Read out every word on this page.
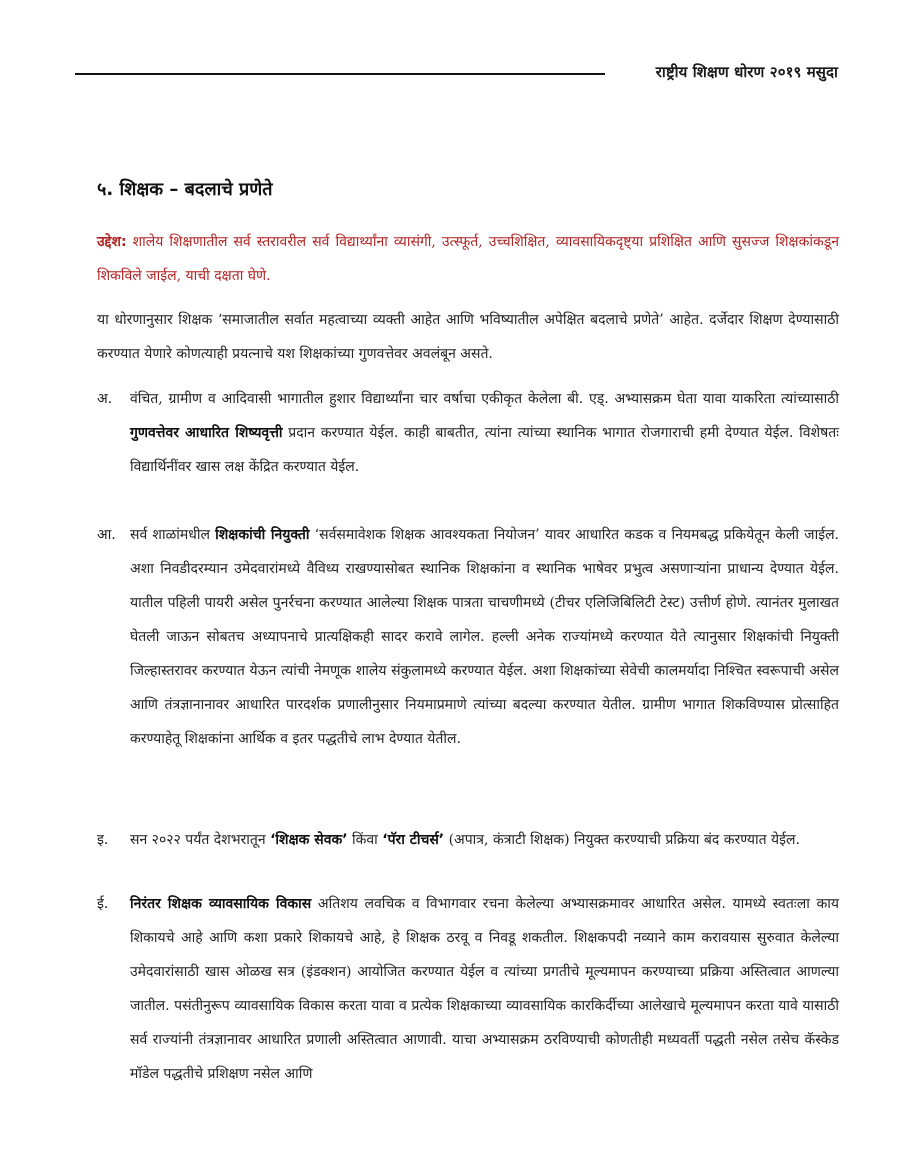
राष्ट्रीय शिक्षण धोरण २०१९ मसुदा
५. शिक्षक – बदलाचे प्रणेते
उद्देश: शालेय शिक्षणातील सर्व स्तरावरील सर्व विद्यार्थ्यांना व्यासंगी, उत्स्फूर्त, उच्चशिक्षित, व्यावसायिकदृष्ट्या प्रशिक्षित आणि सुसज्ज शिक्षकांकडून शिकविले जाईल, याची दक्षता घेणे.
या धोरणानुसार शिक्षक ‘समाजातील सर्वात महत्वाच्या व्यक्ती आहेत आणि भविष्यातील अपेक्षित बदलाचे प्रणेते’ आहेत. दर्जेदार शिक्षण देण्यासाठी करण्यात येणारे कोणत्याही प्रयत्नाचे यश शिक्षकांच्या गुणवत्तेवर अवलंबून असते.
अ.	वंचित, ग्रामीण व आदिवासी भागातील हुशार विद्यार्थ्यांना चार वर्षाचा एकीकृत केलेला बी. एड्. अभ्यासक्रम घेता यावा याकरिता त्यांच्यासाठी गुणवत्तेवर आधारित शिष्यवृत्ती प्रदान करण्यात येईल. काही बाबतीत, त्यांना त्यांच्या स्थानिक भागात रोजगाराची हमी देण्यात येईल. विशेषतः विद्यार्थिनींवर खास लक्ष केंद्रित करण्यात येईल.
आ.	सर्व शाळांमधील शिक्षकांची नियुक्ती ‘सर्वसमावेशक शिक्षक आवश्यकता नियोजन’ यावर आधारित कडक व नियमबद्ध प्रकियेतून केली जाईल. अशा निवडीदरम्यान उमेदवारांमध्ये वैविध्य राखण्यासोबत स्थानिक शिक्षकांना व स्थानिक भाषेवर प्रभुत्व असणाऱ्यांना प्राधान्य देण्यात येईल. यातील पहिली पायरी असेल पुनर्रचना करण्यात आलेल्या शिक्षक पात्रता चाचणीमध्ये (टीचर एलिजिबिलिटी टेस्ट) उत्तीर्ण होणे. त्यानंतर मुलाखत घेतली जाऊन सोबतच अध्यापनाचे प्रात्यक्षिकही सादर करावे लागेल. हल्ली अनेक राज्यांमध्ये करण्यात येते त्यानुसार शिक्षकांची नियुक्ती जिल्हास्तरावर करण्यात येऊन त्यांची नेमणूक शालेय संकुलामध्ये करण्यात येईल. अशा शिक्षकांच्या सेवेची कालमर्यादा निश्चित स्वरूपाची असेल आणि तंत्रज्ञानानावर आधारित पारदर्शक प्रणालीनुसार नियमाप्रमाणे त्यांच्या बदल्या करण्यात येतील. ग्रामीण भागात शिकविण्यास प्रोत्साहित करण्याहेतू शिक्षकांना आर्थिक व इतर पद्धतीचे लाभ देण्यात येतील.
इ.	सन २०२२ पर्यंत देशभरातून ‘शिक्षक सेवक’ किंवा ‘पॅरा टीचर्स’ (अपात्र, कंत्राटी शिक्षक) नियुक्त करण्याची प्रक्रिया बंद करण्यात येईल.
ई.	निरंतर शिक्षक व्यावसायिक विकास अतिशय लवचिक व विभागवार रचना केलेल्या अभ्यासक्रमावर आधारित असेल. यामध्ये स्वतःला काय शिकायचे आहे आणि कशा प्रकारे शिकायचे आहे, हे शिक्षक ठरवू व निवडू शकतील. शिक्षकपदी नव्याने काम करावयास सुरुवात केलेल्या उमेदवारांसाठी खास ओळख सत्र (इंडक्शन) आयोजित करण्यात येईल व त्यांच्या प्रगतीचे मूल्यमापन करण्याच्या प्रक्रिया अस्तित्वात आणल्या जातील. पसंतीनुरूप व्यावसायिक विकास करता यावा व प्रत्येक शिक्षकाच्या व्यावसायिक कारकिर्दीच्या आलेखाचे मूल्यमापन करता यावे यासाठी सर्व राज्यांनी तंत्रज्ञानावर आधारित प्रणाली अस्तित्वात आणावी. याचा अभ्यासक्रम ठरविण्याची कोणतीही मध्यवर्ती पद्धती नसेल तसेच कॅस्केड मॉडेल पद्धतीचे प्रशिक्षण नसेल आणि
